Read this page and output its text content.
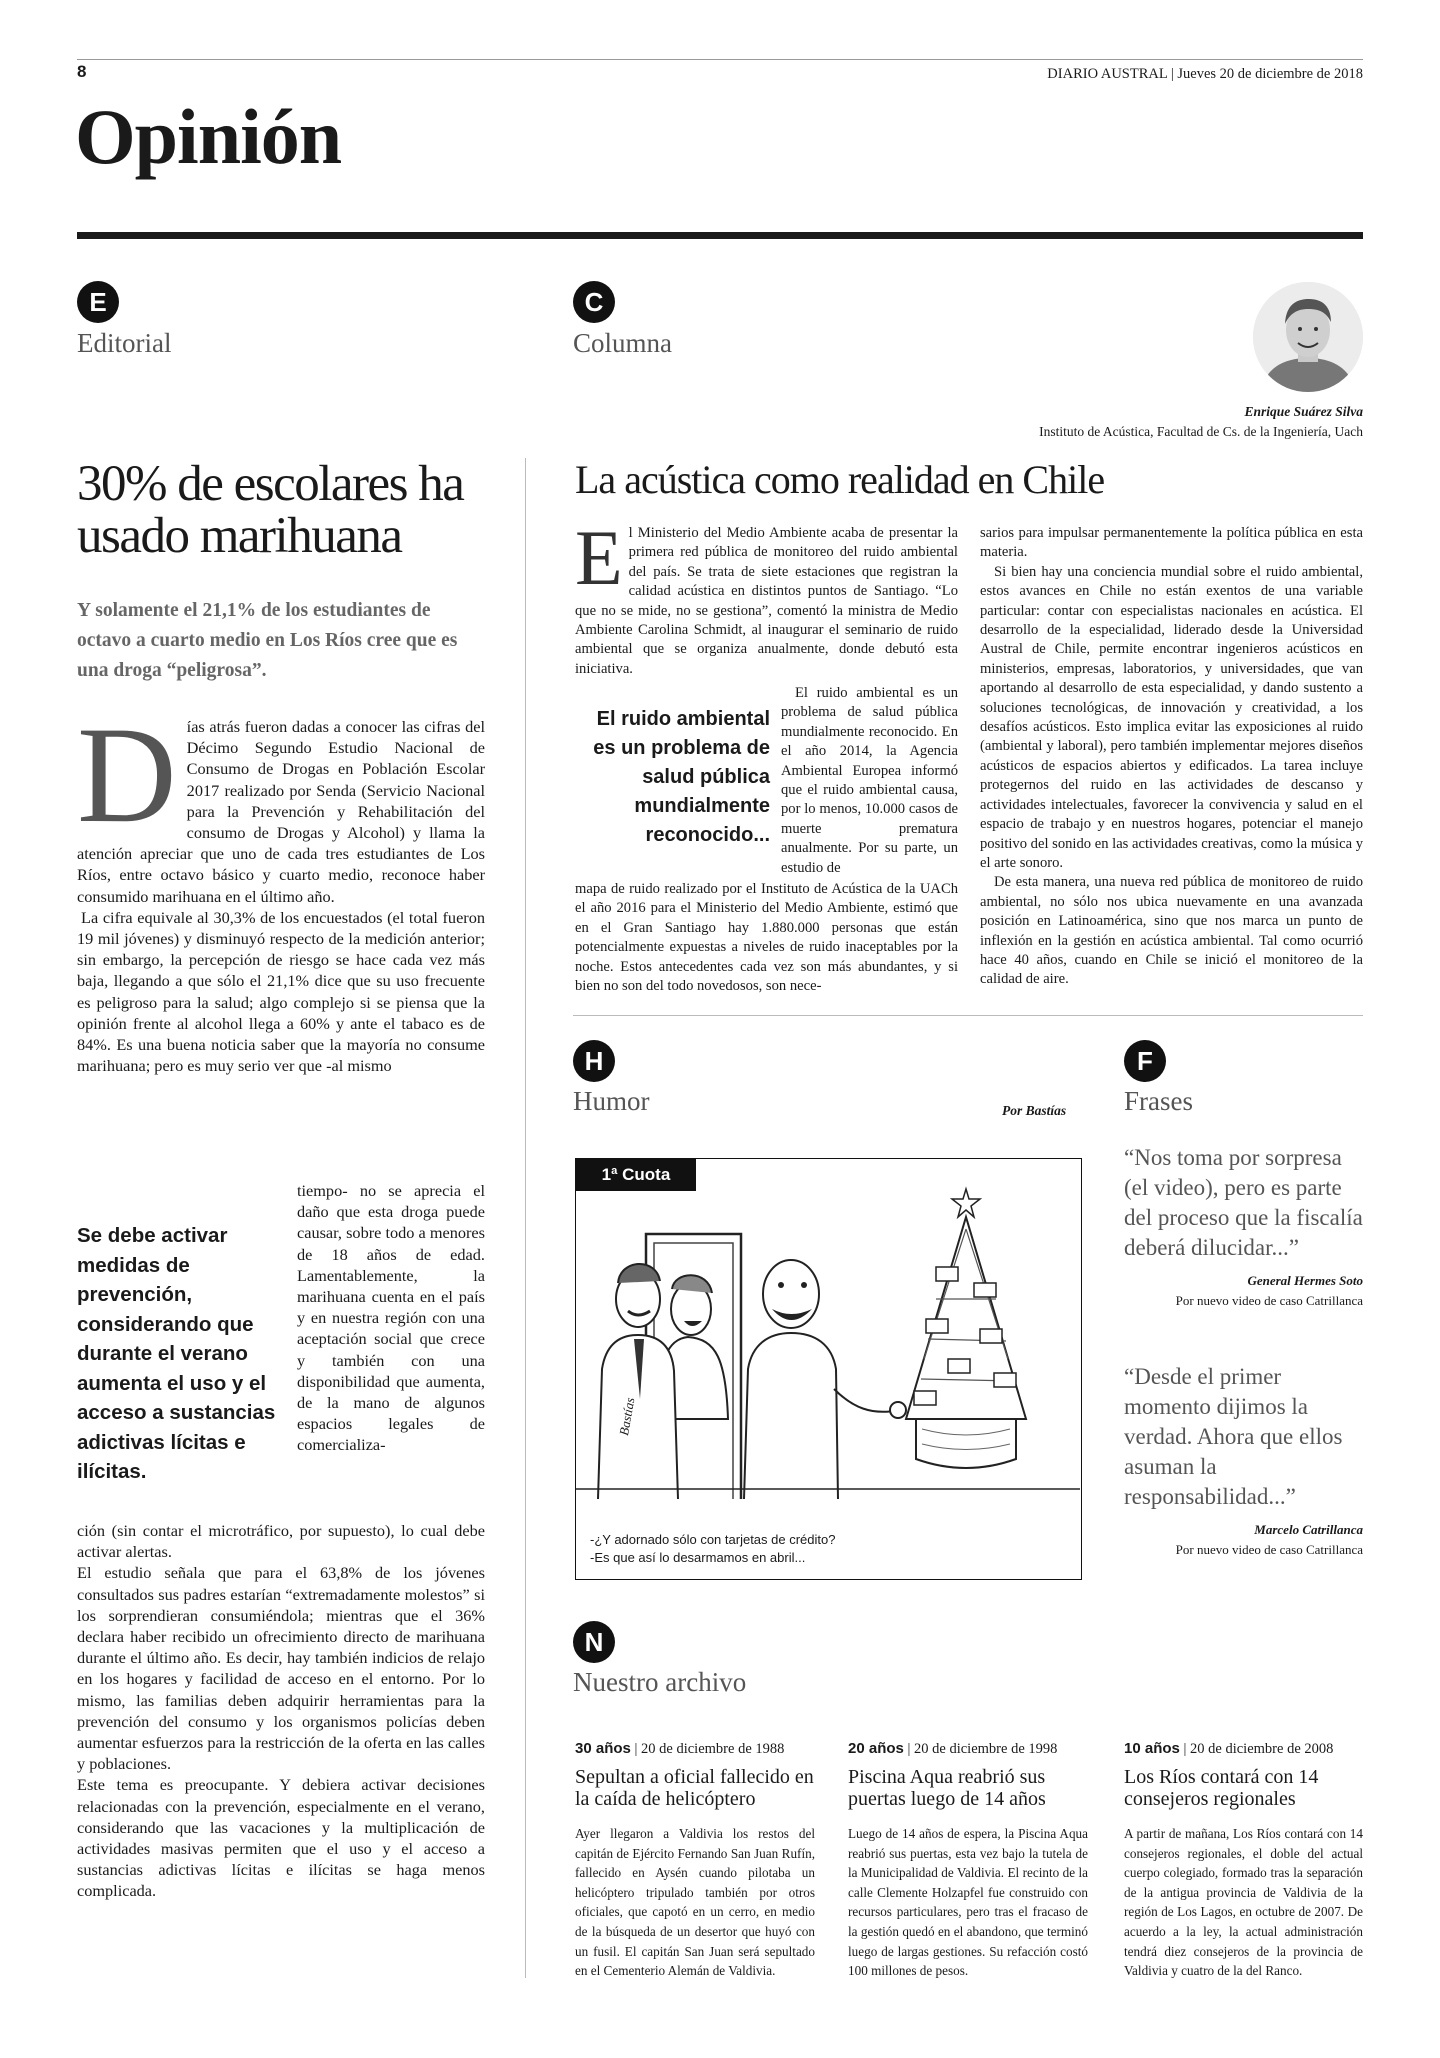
8	DIARIO AUSTRAL | Jueves 20 de diciembre de 2018
Opinión
E
Editorial
30% de escolares ha usado marihuana
Y solamente el 21,1% de los estudiantes de octavo a cuarto medio en Los Ríos cree que es una droga “peligrosa”.
D ías atrás fueron dadas a conocer las cifras del Décimo Segundo Estudio Nacional de Consumo de Drogas en Población Escolar 2017 realizado por Senda (Servicio Nacional para la Prevención y Rehabilitación del consumo de Drogas y Alcohol) y llama la atención apreciar que uno de cada tres estudiantes de Los Ríos, entre octavo básico y cuarto medio, reconoce haber consumido marihuana en el último año.

La cifra equivale al 30,3% de los encuestados (el total fueron 19 mil jóvenes) y disminuyó respecto de la medición anterior; sin embargo, la percepción de riesgo se hace cada vez más baja, llegando a que sólo el 21,1% dice que su uso frecuente es peligroso para la salud; algo complejo si se piensa que la opinión frente al alcohol llega a 60% y ante el tabaco es de 84%. Es una buena noticia saber que la mayoría no consume marihuana; pero es muy serio ver que -al mismo

Se debe activar medidas de prevención, considerando que durante el verano aumenta el uso y el acceso a sustancias adictivas lícitas e ilícitas.
tiempo- no se aprecia el daño que esta droga puede causar, sobre todo a menores de 18 años de edad. Lamentablemente, la marihuana cuenta en el país y en nuestra región con una aceptación social que crece y también con una disponibilidad que aumenta, de la mano de algunos espacios legales de comercializa-

ción (sin contar el microtráfico, por supuesto), lo cual debe activar alertas.

El estudio señala que para el 63,8% de los jóvenes consultados sus padres estarían “extremadamente molestos” si los sorprendieran consumiéndola; mientras que el 36% declara haber recibido un ofrecimiento directo de marihuana durante el último año. Es decir, hay también indicios de relajo en los hogares y facilidad de acceso en el entorno. Por lo mismo, las familias deben adquirir herramientas para la prevención del consumo y los organismos policías deben aumentar esfuerzos para la restricción de la oferta en las calles y poblaciones.

Este tema es preocupante. Y debiera activar decisiones relacionadas con la prevención, especialmente en el verano, considerando que las vacaciones y la multiplicación de actividades masivas permiten que el uso y el acceso a sustancias adictivas lícitas e ilícitas se haga menos complicada.

C
Columna
Enrique Suárez Silva
Instituto de Acústica, Facultad de Cs. de la Ingeniería, Uach
La acústica como realidad en Chile
E l Ministerio del Medio Ambiente acaba de presentar la primera red pública de monitoreo del ruido ambiental del país. Se trata de siete estaciones que registran la calidad acústica en distintos puntos de Santiago. “Lo que no se mide, no se gestiona”, comentó la ministra de Medio Ambiente Carolina Schmidt, al inaugurar el seminario de ruido ambiental que se organiza anualmente, donde debutó esta iniciativa.

El ruido ambiental es un problema de salud pública mundialmente reconocido...

El ruido ambiental es un problema de salud pública mundialmente reconocido. En el año 2014, la Agencia Ambiental Europea informó que el ruido ambiental causa, por lo menos, 10.000 casos de muerte prematura anualmente. Por su parte, un estudio de

mapa de ruido realizado por el Instituto de Acústica de la UACh el año 2016 para el Ministerio del Medio Ambiente, estimó que en el Gran Santiago hay 1.880.000 personas que están potencialmente expuestas a niveles de ruido inaceptables por la noche. Estos antecedentes cada vez son más abundantes, y si bien no son del todo novedosos, son nece-

sarios para impulsar permanentemente la política pública en esta materia.

Si bien hay una conciencia mundial sobre el ruido ambiental, estos avances en Chile no están exentos de una variable particular: contar con especialistas nacionales en acústica. El desarrollo de la especialidad, liderado desde la Universidad Austral de Chile, permite encontrar ingenieros acústicos en ministerios, empresas, laboratorios, y universidades, que van aportando al desarrollo de esta especialidad, y dando sustento a soluciones tecnológicas, de innovación y creatividad, a los desafíos acústicos. Esto implica evitar las exposiciones al ruido (ambiental y laboral), pero también implementar mejores diseños acústicos de espacios abiertos y edificados. La tarea incluye protegernos del ruido en las actividades de descanso y actividades intelectuales, favorecer la convivencia y salud en el espacio de trabajo y en nuestros hogares, potenciar el manejo positivo del sonido en las actividades creativas, como la música y el arte sonoro.

De esta manera, una nueva red pública de monitoreo de ruido ambiental, no sólo nos ubica nuevamente en una avanzada posición en Latinoamérica, sino que nos marca un punto de inflexión en la gestión en acústica ambiental. Tal como ocurrió hace 40 años, cuando en Chile se inició el monitoreo de la calidad de aire.

H
Humor	Por Bastías
1ª Cuota
Bastías
-¿Y adornado sólo con tarjetas de crédito?
-Es que así lo desarmamos en abril...
F
Frases
“Nos toma por sorpresa (el video), pero es parte del proceso que la fiscalía deberá dilucidar...”
General Hermes Soto
Por nuevo video de caso Catrillanca
“Desde el primer momento dijimos la verdad. Ahora que ellos asuman la responsabilidad...”
Marcelo Catrillanca
Por nuevo video de caso Catrillanca
N
Nuestro archivo
30 años | 20 de diciembre de 1988
Sepultan a oficial fallecido en la caída de helicóptero
Ayer llegaron a Valdivia los restos del capitán de Ejército Fernando San Juan Rufín, fallecido en Aysén cuando pilotaba un helicóptero tripulado también por otros oficiales, que capotó en un cerro, en medio de la búsqueda de un desertor que huyó con un fusil. El capitán San Juan será sepultado en el Cementerio Alemán de Valdivia.
20 años | 20 de diciembre de 1998
Piscina Aqua reabrió sus puertas luego de 14 años
Luego de 14 años de espera, la Piscina Aqua reabrió sus puertas, esta vez bajo la tutela de la Municipalidad de Valdivia. El recinto de la calle Clemente Holzapfel fue construido con recursos particulares, pero tras el fracaso de la gestión quedó en el abandono, que terminó luego de largas gestiones. Su refacción costó 100 millones de pesos.
10 años | 20 de diciembre de 2008
Los Ríos contará con 14 consejeros regionales
A partir de mañana, Los Ríos contará con 14 consejeros regionales, el doble del actual cuerpo colegiado, formado tras la separación de la antigua provincia de Valdivia de la región de Los Lagos, en octubre de 2007. De acuerdo a la ley, la actual administración tendrá diez consejeros de la provincia de Valdivia y cuatro de la del Ranco.
